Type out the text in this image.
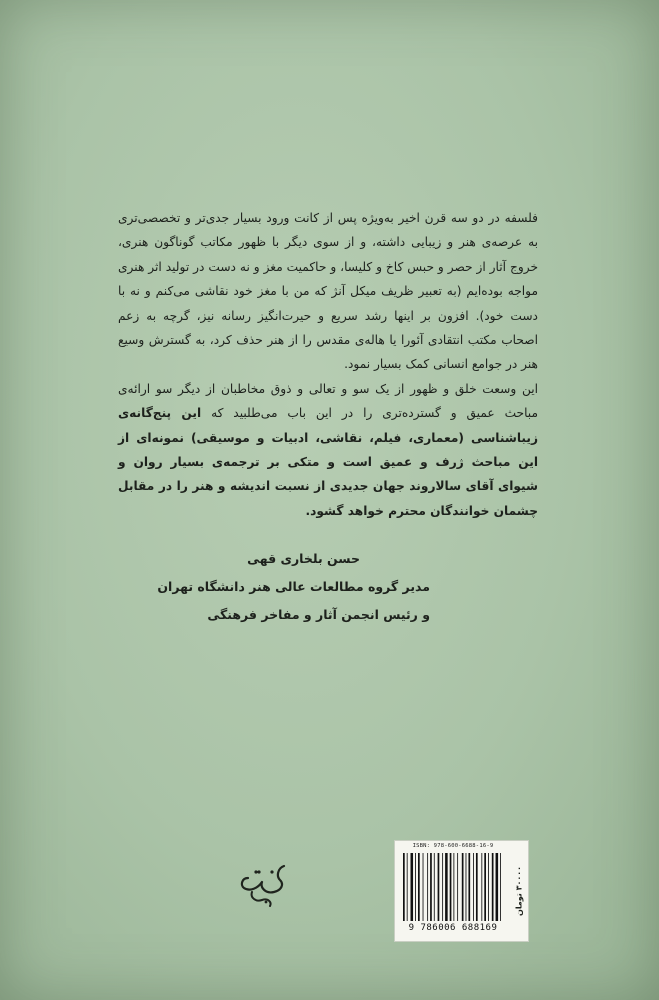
فلسفه در دو سه قرن اخیر به‌ویژه پس از کانت ورود بسیار جدی‌تر و تخصصی‌تری به عرصه‌ی هنر و زیبایی داشته، و از سوی دیگر با ظهور مکاتب گوناگون هنری، خروج آثار از حصر و حبس کاخ و کلیسا، و حاکمیت مغز و نه دست در تولید اثر هنری مواجه بوده‌ایم (به تعبیر ظریف میکل آنژ که من با مغز خود نقاشی می‌کنم و نه با دست خود). افزون بر اینها رشد سریع و حیرت‌انگیز رسانه نیز، گرچه به زعم اصحاب مکتب انتقادی آئورا یا هاله‌ی مقدس را از هنر حذف کرد، به گسترش وسیع هنر در جوامع انسانی کمک بسیار نمود.

این وسعت خلق و ظهور از یک سو و تعالی و ذوق مخاطبان از دیگر سو ارائه‌ی مباحث عمیق و گسترده‌تری را در این باب می‌طلبید که این پنج‌گانه‌ی زیباشناسی (معماری، فیلم، نقاشی، ادبیات و موسیقی) نمونه‌ای از این مباحث ژرف و عمیق است و متکی بر ترجمه‌ی بسیار روان و شیوای آقای سالاروند جهان جدیدی از نسبت اندیشه و هنر را در مقابل چشمان خوانندگان محترم خواهد گشود.

حسن بلخاری قهی
مدیر گروه مطالعات عالی هنر دانشگاه تهران
و رئیس انجمن آثار و مفاخر فرهنگی
ISBN: 978-600-6688-16-9
9 786006 688169
۳۰۰۰۰ تومان
